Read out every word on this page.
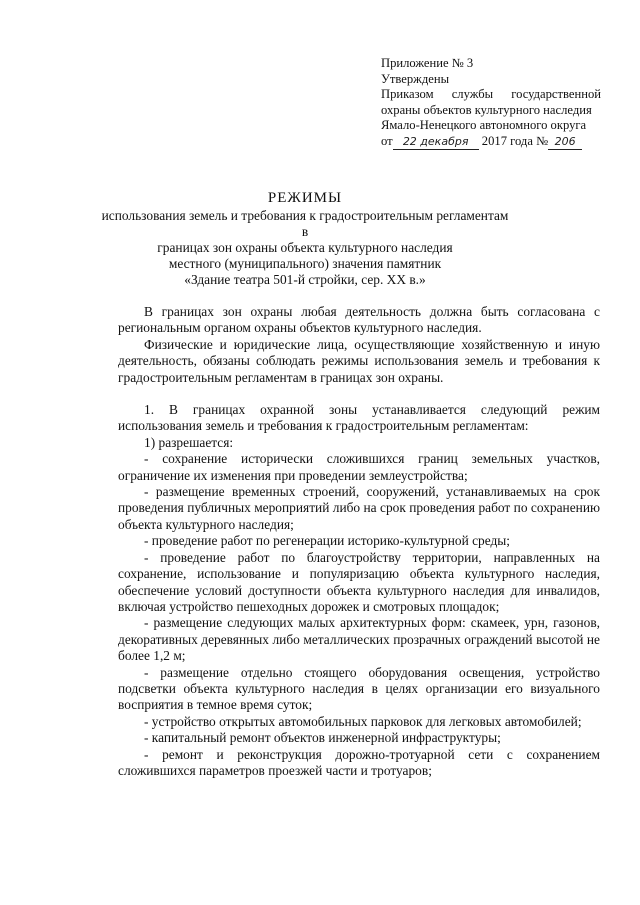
Приложение № 3
Утверждены
Приказом службы государственной
охраны объектов культурного наследия
Ямало-Ненецкого автономного округа
от 22 декабря 2017 года № 206
РЕЖИМЫ
использования земель и требования к градостроительным регламентам в
границах зон охраны объекта культурного наследия
местного (муниципального) значения памятник
«Здание театра 501-й стройки, сер. XX в.»

В границах зон охраны любая деятельность должна быть согласована с региональным органом охраны объектов культурного наследия.

Физические и юридические лица, осуществляющие хозяйственную и иную деятельность, обязаны соблюдать режимы использования земель и требования к градостроительным регламентам в границах зон охраны.

1. В границах охранной зоны устанавливается следующий режим использования земель и требования к градостроительным регламентам:

1) разрешается:

- сохранение исторически сложившихся границ земельных участков, ограничение их изменения при проведении землеустройства;

- размещение временных строений, сооружений, устанавливаемых на срок проведения публичных мероприятий либо на срок проведения работ по сохранению объекта культурного наследия;

- проведение работ по регенерации историко-культурной среды;

- проведение работ по благоустройству территории, направленных на сохранение, использование и популяризацию объекта культурного наследия, обеспечение условий доступности объекта культурного наследия для инвалидов, включая устройство пешеходных дорожек и смотровых площадок;

- размещение следующих малых архитектурных форм: скамеек, урн, газонов, декоративных деревянных либо металлических прозрачных ограждений высотой не более 1,2 м;

- размещение отдельно стоящего оборудования освещения, устройство подсветки объекта культурного наследия в целях организации его визуального восприятия в темное время суток;

- устройство открытых автомобильных парковок для легковых автомобилей;

- капитальный ремонт объектов инженерной инфраструктуры;

- ремонт и реконструкция дорожно-тротуарной сети с сохранением сложившихся параметров проезжей части и тротуаров;
